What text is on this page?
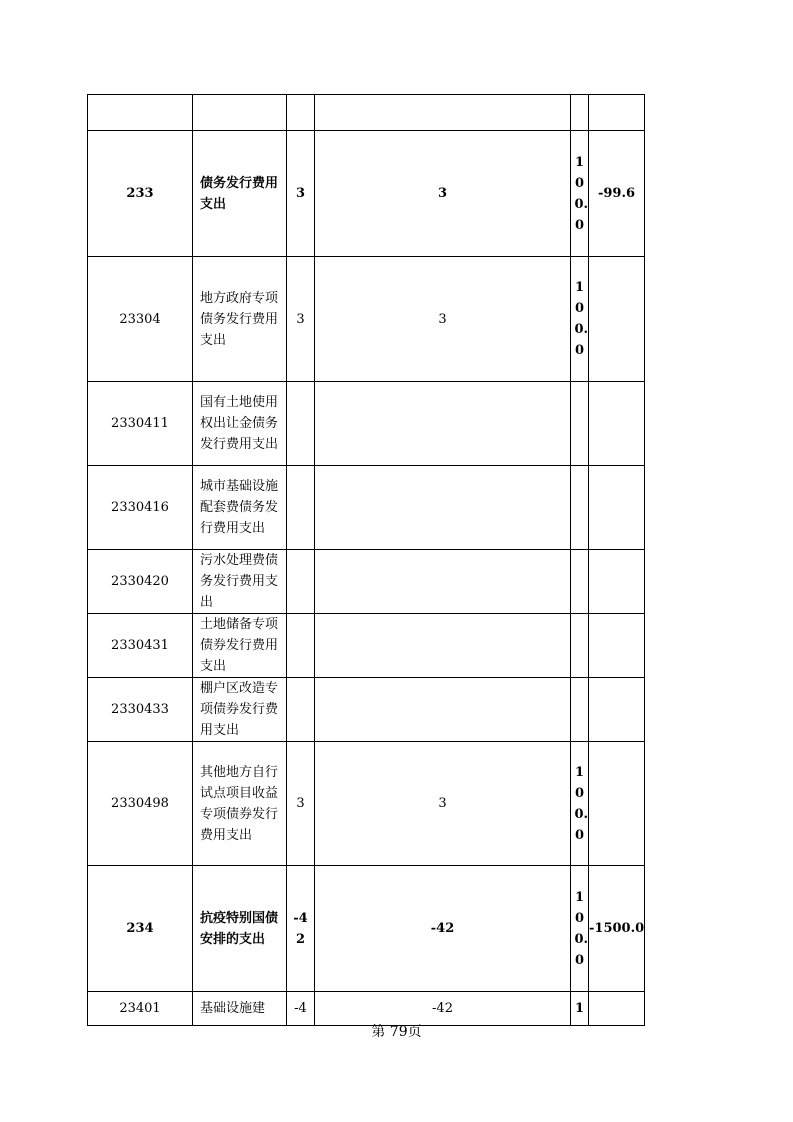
233	债务发行费用支出	3	3	100.0	-99.6
23304	地方政府专项债务发行费用支出	3	3	100.0	

2330411	国有土地使用权出让金债务发行费用支出				

2330416	城市基础设施配套费债务发行费用支出				

2330420	污水处理费债务发行费用支出				

2330431	土地储备专项债券发行费用支出				

2330433	棚户区改造专项债券发行费用支出				

2330498	其他地方自行试点项目收益专项债券发行费用支出	3	3	100.0	

234	抗疫特别国债安排的支出	-42	-42	100.0	-1500.0
23401	基础设施建	-4	-42	1	

第 79页
